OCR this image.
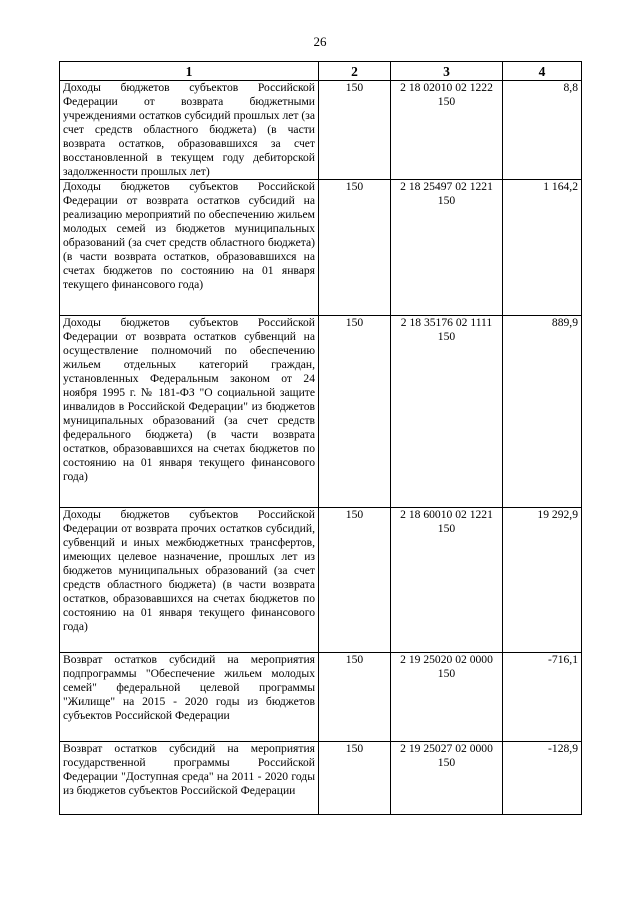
26
1	2	3	4
Доходы бюджетов субъектов Российской Федерации от возврата бюджетными учреждениями остатков субсидий прошлых лет (за счет средств областного бюджета) (в части возврата остатков, образовавшихся за счет восстановленной в текущем году дебиторской задолженности прошлых лет)	150	2 18 02010 02 1222 150	8,8
Доходы бюджетов субъектов Российской Федерации от возврата остатков субсидий на реализацию мероприятий по обеспечению жильем молодых семей из бюджетов муниципальных образований (за счет средств областного бюджета) (в части возврата остатков, образовавшихся на счетах бюджетов по состоянию на 01 января текущего финансового года)	150	2 18 25497 02 1221 150	1 164,2
Доходы бюджетов субъектов Российской Федерации от возврата остатков субвенций на осуществление полномочий по обеспечению жильем отдельных категорий граждан, установленных Федеральным законом от 24 ноября 1995 г. № 181-ФЗ "О социальной защите инвалидов в Российской Федерации" из бюджетов муниципальных образований (за счет средств федерального бюджета) (в части возврата остатков, образовавшихся на счетах бюджетов по состоянию на 01 января текущего финансового года)	150	2 18 35176 02 1111 150	889,9
Доходы бюджетов субъектов Российской Федерации от возврата прочих остатков субсидий, субвенций и иных межбюджетных трансфертов, имеющих целевое назначение, прошлых лет из бюджетов муниципальных образований (за счет средств областного бюджета) (в части возврата остатков, образовавшихся на счетах бюджетов по состоянию на 01 января текущего финансового года)	150	2 18 60010 02 1221 150	19 292,9
Возврат остатков субсидий на мероприятия подпрограммы "Обеспечение жильем молодых семей" федеральной целевой программы "Жилище" на 2015 - 2020 годы из бюджетов субъектов Российской Федерации	150	2 19 25020 02 0000 150	-716,1
Возврат остатков субсидий на мероприятия государственной программы Российской Федерации "Доступная среда" на 2011 - 2020 годы из бюджетов субъектов Российской Федерации	150	2 19 25027 02 0000 150	-128,9
